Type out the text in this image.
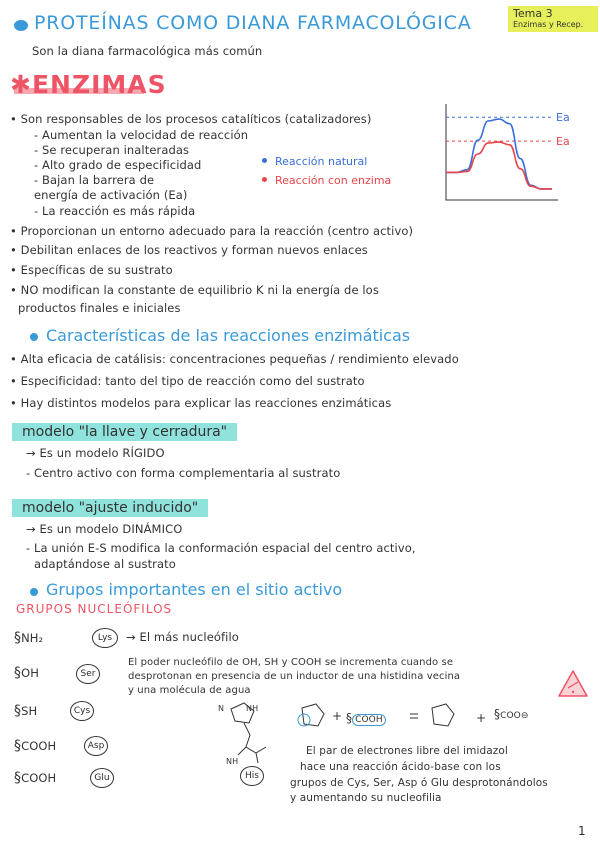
PROTEÍNAS COMO DIANA FARMACOLÓGICA	Tema 3
Enzimas y Recep.
Son la diana farmacológica más común
✱ENZIMAS
• Son responsables de los procesos catalíticos (catalizadores)
- Aumentan la velocidad de reacción
- Se recuperan inalteradas
- Alto grado de especificidad
- Bajan la barrera de
energía de activación (Ea)
- La reacción es más rápida
Ea
Ea
Reacción natural
Reacción con enzima
• Proporcionan un entorno adecuado para la reacción (centro activo)
• Debilitan enlaces de los reactivos y forman nuevos enlaces
• Específicas de su sustrato
• NO modifican la constante de equilibrio K ni la energía de los
productos finales e iniciales
Características de las reacciones enzimáticas
• Alta eficacia de catálisis: concentraciones pequeñas / rendimiento elevado
• Especificidad: tanto del tipo de reacción como del sustrato
• Hay distintos modelos para explicar las reacciones enzimáticas
modelo "la llave y cerradura"
→ Es un modelo RÍGIDO
- Centro activo con forma complementaria al sustrato
modelo "ajuste inducido"
→ Es un modelo DINÁMICO
- La unión E-S modifica la conformación espacial del centro activo,
adaptándose al sustrato
Grupos importantes en el sitio activo
GRUPOS NUCLEÓFILOS
§NH₂	Lys	→ El más nucleófilo
§OH	Ser
§SH	Cys
§COOH	Asp
§COOH	Glu
El poder nucleófilo de OH, SH y COOH se incrementa cuando se
desprotonan en presencia de un inductor de una histidina vecina
y una molécula de agua
N	NH
NH
His
+	+
§ COOH	§COO⊖
El par de electrones libre del imidazol
hace una reacción ácido-base con los
grupos de Cys, Ser, Asp ó Glu desprotonándolos
y aumentando su nucleofilia
1
